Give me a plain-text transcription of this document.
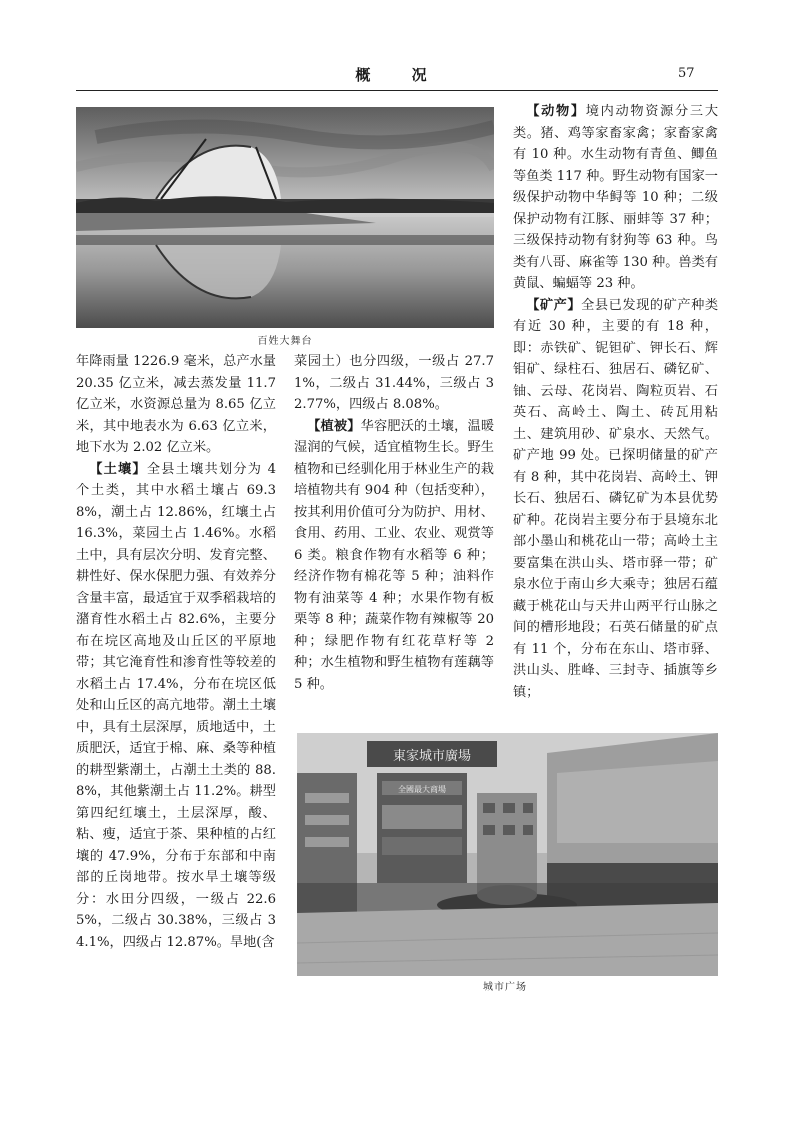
概 况	57
百姓大舞台

年降雨量 1226.9 毫米，总产水量 20.35 亿立米，减去蒸发量 11.7 亿立米，水资源总量为 8.65 亿立米，其中地表水为 6.63 亿立米，地下水为 2.02 亿立米。

【土壤】全县土壤共划分为 4 个土类，其中水稻土壤占 69.38%，潮土占 12.86%，红壤土占 16.3%，菜园土占 1.46%。水稻土中，具有层次分明、发育完整、耕性好、保水保肥力强、有效养分含量丰富，最适宜于双季稻栽培的潴育性水稻土占 82.6%，主要分布在垸区高地及山丘区的平原地带；其它淹育性和渗育性等较差的水稻土占 17.4%，分布在垸区低处和山丘区的高亢地带。潮土土壤中，具有土层深厚，质地适中，土质肥沃，适宜于棉、麻、桑等种植的耕型紫潮土，占潮土土类的 88.8%，其他紫潮土占 11.2%。耕型第四纪红壤土，土层深厚，酸、粘、瘦，适宜于茶、果种植的占红壤的 47.9%，分布于东部和中南部的丘岗地带。按水旱土壤等级分：水田分四级，一级占 22.65%，二级占 30.38%，三级占 34.1%，四级占 12.87%。旱地(含

菜园土）也分四级，一级占 27.71%，二级占 31.44%，三级占 32.77%，四级占 8.08%。

【植被】华容肥沃的土壤，温暖湿润的气候，适宜植物生长。野生植物和已经驯化用于林业生产的栽培植物共有 904 种（包括变种），按其利用价值可分为防护、用材、食用、药用、工业、农业、观赏等 6 类。粮食作物有水稻等 6 种；经济作物有棉花等 5 种；油料作物有油菜等 4 种；水果作物有板栗等 8 种；蔬菜作物有辣椒等 20 种；绿肥作物有红花草籽等 2 种；水生植物和野生植物有莲藕等 5 种。

【动物】境内动物资源分三大类。猪、鸡等家畜家禽；家畜家禽有 10 种。水生动物有青鱼、鲫鱼等鱼类 117 种。野生动物有国家一级保护动物中华鲟等 10 种；二级保护动物有江豚、丽蚌等 37 种；三级保持动物有豺狗等 63 种。鸟类有八哥、麻雀等 130 种。兽类有黄鼠、蝙蝠等 23 种。

【矿产】全县已发现的矿产种类有近 30 种，主要的有 18 种，即：赤铁矿、铌钽矿、钾长石、辉钼矿、绿柱石、独居石、磷钇矿、铀、云母、花岗岩、陶粒页岩、石英石、高岭土、陶土、砖瓦用粘土、建筑用砂、矿泉水、天然气。矿产地 99 处。已探明储量的矿产有 8 种，其中花岗岩、高岭土、钾长石、独居石、磷钇矿为本县优势矿种。花岗岩主要分布于县境东北部小墨山和桃花山一带；高岭土主要富集在洪山头、塔市驿一带；矿泉水位于南山乡大乘寺；独居石蕴藏于桃花山与天井山两平行山脉之间的槽形地段；石英石储量的矿点有 11 个，分布在东山、塔市驿、洪山头、胜峰、三封寺、插旗等乡镇；

東家城市廣場
全國最大商場
城市广场
